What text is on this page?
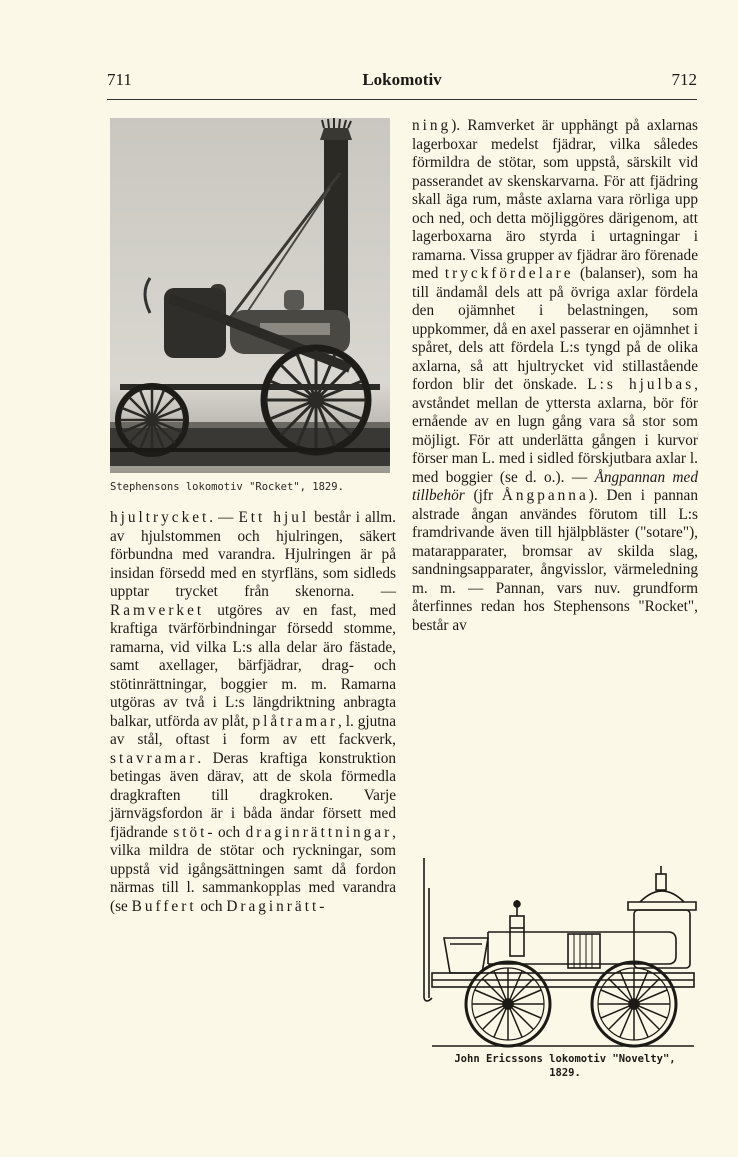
711	Lokomotiv	712
Stephensons lokomotiv "Rocket", 1829.

hjultrycket. — Ett hjul består i allm. av hjulstommen och hjulringen, säkert förbundna med varandra. Hjulringen är på insidan försedd med en styrfläns, som sidleds upptar trycket från skenorna. — Ramverket utgöres av en fast, med kraftiga tvärförbindningar försedd stomme, ramarna, vid vilka L:s alla delar äro fästade, samt axellager, bärfjädrar, drag- och stötinrättningar, boggier m. m. Ramarna utgöras av två i L:s längdriktning anbragta balkar, utförda av plåt, plåtramar, l. gjutna av stål, oftast i form av ett fackverk, stavramar. Deras kraftiga konstruktion betingas även därav, att de skola förmedla dragkraften till dragkroken. Varje järnvägsfordon är i båda ändar försett med fjädrande stöt- och draginrättningar, vilka mildra de stötar och ryckningar, som uppstå vid igångsättningen samt då fordon närmas till l. sammankopplas med varandra (se Buffert och Draginrätt-

ning). Ramverket är upphängt på axlarnas lagerboxar medelst fjädrar, vilka således förmildra de stötar, som uppstå, särskilt vid passerandet av skenskarvarna. För att fjädring skall äga rum, måste axlarna vara rörliga upp och ned, och detta möjliggöres därigenom, att lagerboxarna äro styrda i urtagningar i ramarna. Vissa grupper av fjädrar äro förenade med tryckfördelare (balanser), som ha till ändamål dels att på övriga axlar fördela den ojämnhet i belastningen, som uppkommer, då en axel passerar en ojämnhet i spåret, dels att fördela L:s tyngd på de olika axlarna, så att hjultrycket vid stillastående fordon blir det önskade. L:s hjulbas, avståndet mellan de yttersta axlarna, bör för ernående av en lugn gång vara så stor som möjligt. För att underlätta gången i kurvor förser man L. med i sidled förskjutbara axlar l. med boggier (se d. o.). — Ångpannan med tillbehör (jfr Ångpanna). Den i pannan alstrade ångan användes förutom till L:s framdrivande även till hjälpbläster ("sotare"), matarapparater, bromsar av skilda slag, sandningsapparater, ångvisslor, värmeledning m. m. — Pannan, vars nuv. grundform återfinnes redan hos Stephensons "Rocket", består av

John Ericssons lokomotiv "Novelty",
1829.
